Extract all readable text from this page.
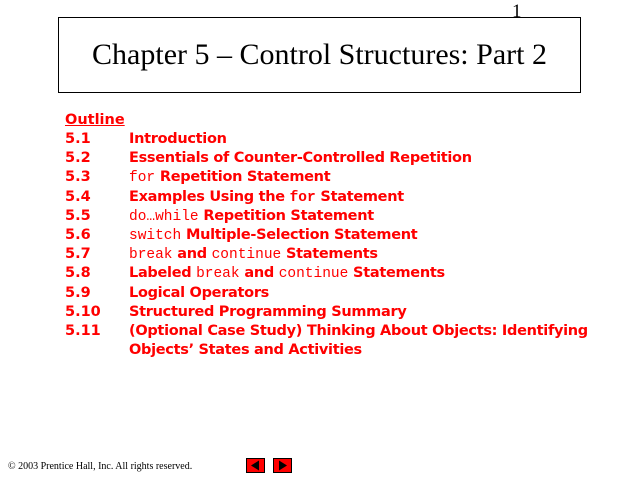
1
Chapter 5 – Control Structures: Part 2
Outline
5.1	Introduction
5.2	Essentials of Counter-Controlled Repetition
5.3	for Repetition Statement
5.4	Examples Using the for Statement
5.5	do…while Repetition Statement
5.6	switch Multiple-Selection Statement
5.7	break and continue Statements
5.8	Labeled break and continue Statements
5.9	Logical Operators
5.10 Structured Programming Summary
5.11 (Optional Case Study) Thinking About Objects: Identifying
Objects’ States and Activities
© 2003 Prentice Hall, Inc. All rights reserved.
